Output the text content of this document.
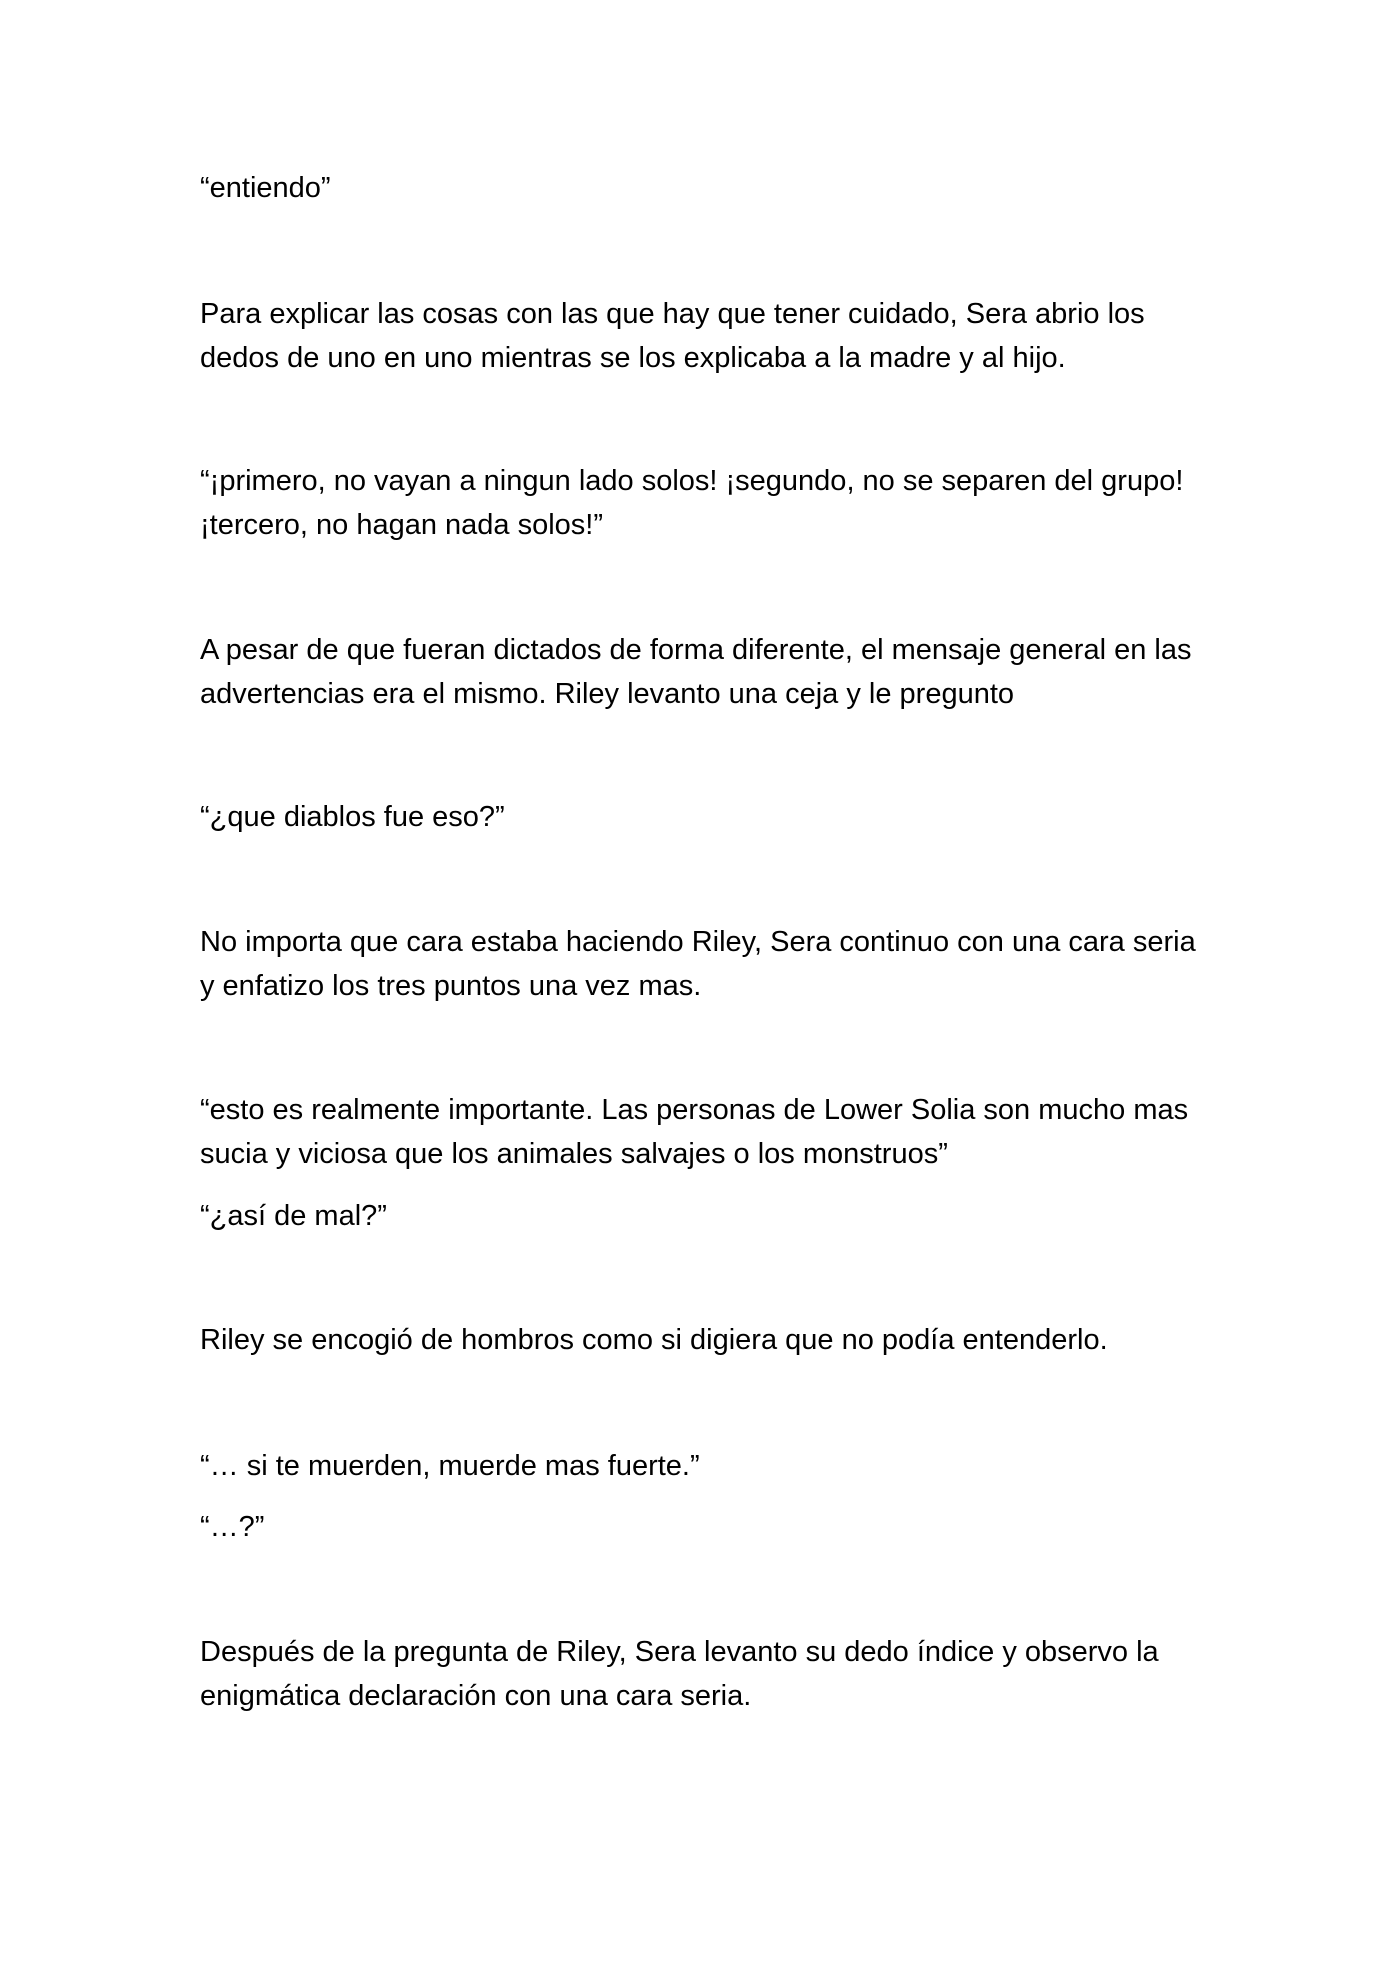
“entiendo”

Para explicar las cosas con las que hay que tener cuidado, Sera abrio los dedos de uno en uno mientras se los explicaba a la madre y al hijo.

“¡primero, no vayan a ningun lado solos! ¡segundo, no se separen del grupo! ¡tercero, no hagan nada solos!”

A pesar de que fueran dictados de forma diferente, el mensaje general en las advertencias era el mismo. Riley levanto una ceja y le pregunto

“¿que diablos fue eso?”

No importa que cara estaba haciendo Riley, Sera continuo con una cara seria y enfatizo los tres puntos una vez mas.

“esto es realmente importante. Las personas de Lower Solia son mucho mas sucia y viciosa que los animales salvajes o los monstruos”

“¿así de mal?”

Riley se encogió de hombros como si digiera que no podía entenderlo.

“… si te muerden, muerde mas fuerte.”

“…?”

Después de la pregunta de Riley, Sera levanto su dedo índice y observo la enigmática declaración con una cara seria.
